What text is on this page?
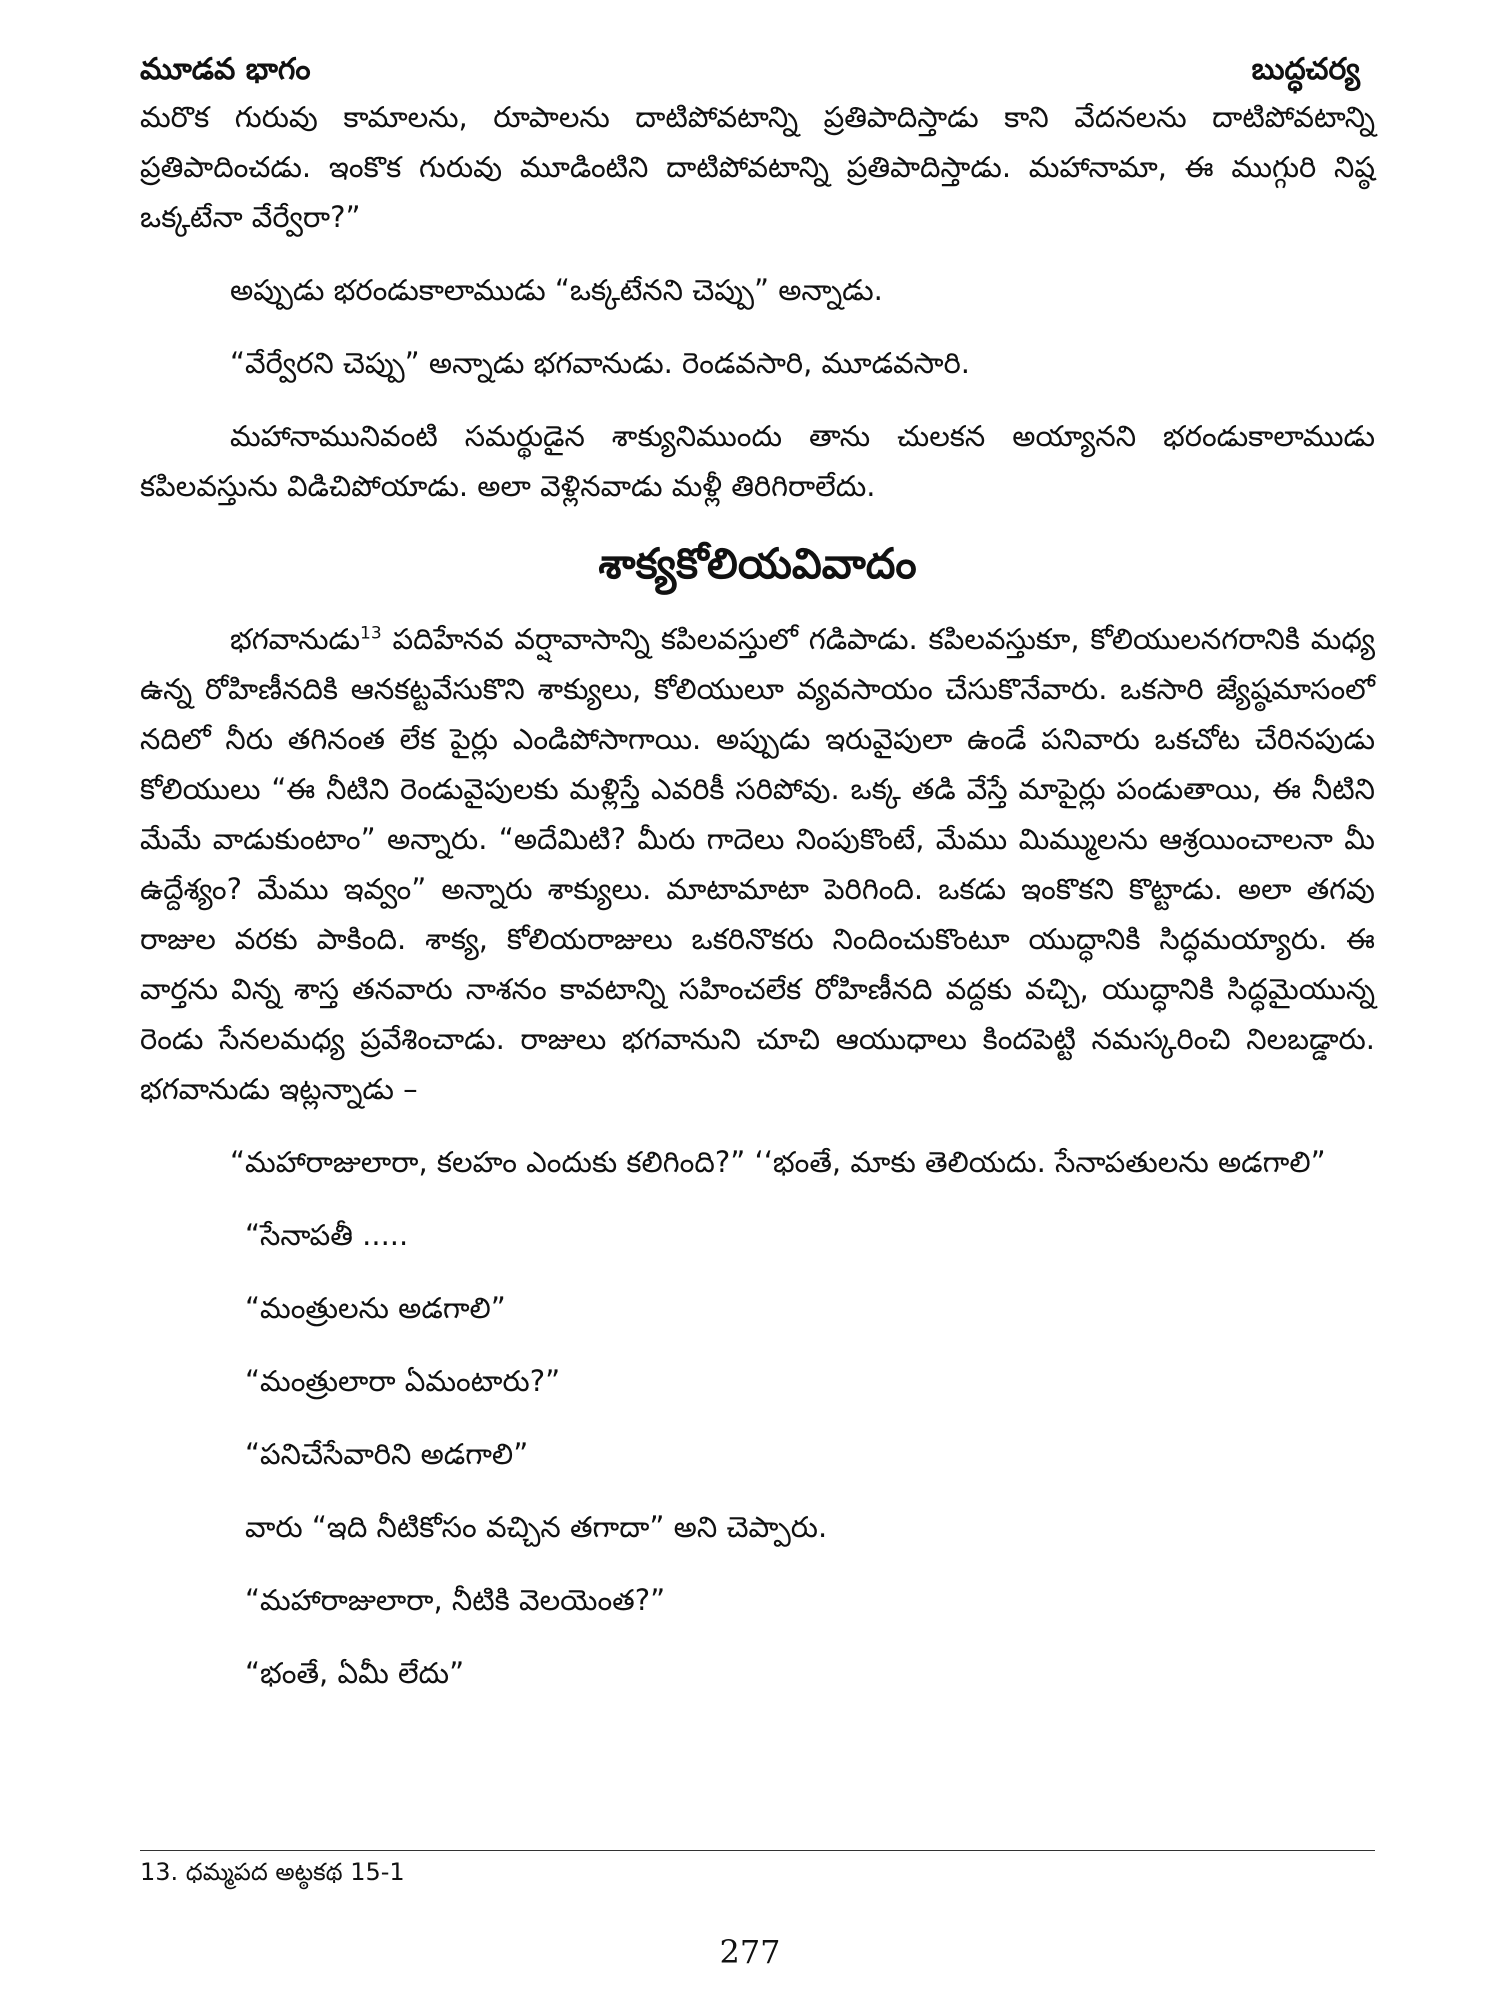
మూడవ భాగం	బుద్ధచర్య

మరొక గురువు కామాలను, రూపాలను దాటిపోవటాన్ని ప్రతిపాదిస్తాడు కాని వేదనలను దాటిపోవటాన్ని ప్రతిపాదించడు. ఇంకొక గురువు మూడింటిని దాటిపోవటాన్ని ప్రతిపాదిస్తాడు. మహానామా, ఈ ముగ్గురి నిష్ఠ ఒక్కటేనా వేర్వేరా?”

అప్పుడు భరండుకాలాముడు “ఒక్కటేనని చెప్పు” అన్నాడు.

“వేర్వేరని చెప్పు” అన్నాడు భగవానుడు. రెండవసారి, మూడవసారి.

మహానామునివంటి సమర్థుడైన శాక్యునిముందు తాను చులకన అయ్యానని భరండుకాలాముడు కపిలవస్తును విడిచిపోయాడు. అలా వెళ్లినవాడు మళ్లీ తిరిగిరాలేదు.

శాక్యకోలియవివాదం

భగవానుడు$^{13}$ పదిహేనవ వర్షావాసాన్ని కపిలవస్తులో గడిపాడు. కపిలవస్తుకూ, కోలియులనగరానికి మధ్య ఉన్న రోహిణీనదికి ఆనకట్టవేసుకొని శాక్యులు, కోలియులూ వ్యవసాయం చేసుకొనేవారు. ఒకసారి జ్యేష్ఠమాసంలో నదిలో నీరు తగినంత లేక పైర్లు ఎండిపోసాగాయి. అప్పుడు ఇరువైపులా ఉండే పనివారు ఒకచోట చేరినపుడు కోలియులు “ఈ నీటిని రెండువైపులకు మళ్లిస్తే ఎవరికీ సరిపోవు. ఒక్క తడి వేస్తే మాపైర్లు పండుతాయి, ఈ నీటిని మేమే వాడుకుంటాం” అన్నారు. “అదేమిటి? మీరు గాదెలు నింపుకొంటే, మేము మిమ్ములను ఆశ్రయించాలనా మీ ఉద్దేశ్యం? మేము ఇవ్వం” అన్నారు శాక్యులు. మాటామాటా పెరిగింది. ఒకడు ఇంకొకని కొట్టాడు. అలా తగవు రాజుల వరకు పాకింది. శాక్య, కోలియరాజులు ఒకరినొకరు నిందించుకొంటూ యుద్ధానికి సిద్ధమయ్యారు. ఈ వార్తను విన్న శాస్త తనవారు నాశనం కావటాన్ని సహించలేక రోహిణీనది వద్దకు వచ్చి, యుద్ధానికి సిద్ధమైయున్న రెండు సేనలమధ్య ప్రవేశించాడు. రాజులు భగవానుని చూచి ఆయుధాలు కిందపెట్టి నమస్కరించి నిలబడ్డారు. భగవానుడు ఇట్లన్నాడు –

“మహారాజులారా, కలహం ఎందుకు కలిగింది?” ‘‘భంతే, మాకు తెలియదు. సేనాపతులను అడగాలి”

“సేనాపతీ .....

“మంత్రులను అడగాలి”

“మంత్రులారా ఏమంటారు?”

“పనిచేసేవారిని అడగాలి”

వారు “ఇది నీటికోసం వచ్చిన తగాదా” అని చెప్పారు.

“మహారాజులారా, నీటికి వెలయెంత?”

“భంతే, ఏమీ లేదు”

13. ధమ్మపద అట్ఠకథ 15-1
277
